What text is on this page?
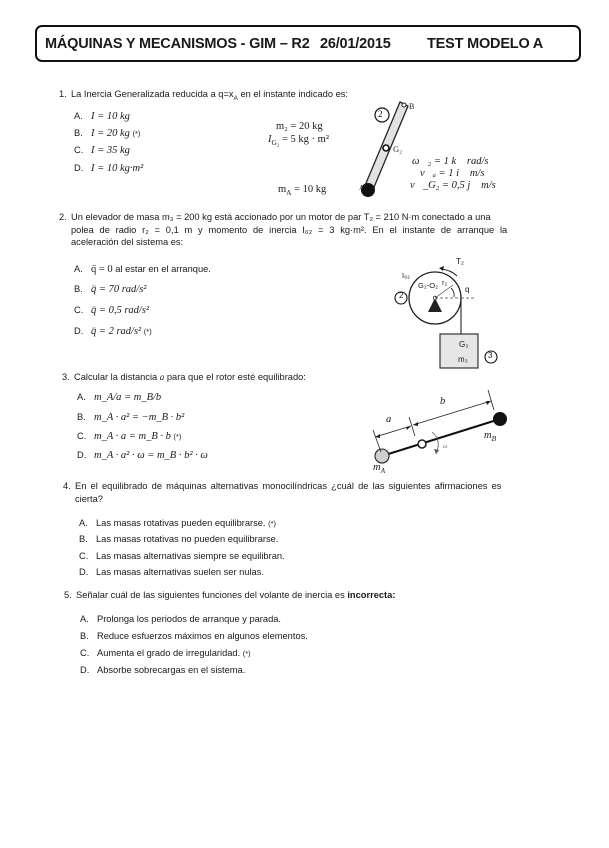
MÁQUINAS Y MECANISMOS - GIM – R2 26/01/2015	TEST MODELO A
1. La Inercia Generalizada reducida a $q=x_A$ en el instante indicado es:
A. I = 10 kg
B. I = 20 kg (*)
C. I = 35 kg
D. I = 10 kg·m²
m₂ = 20 kg
$I_{G_2} = 5$ kg · m²
$m_A = 10$ kg
ω⃗₂ = 1 k⃗ rad/s
v⃗ₐ = 1 i⃗ m/s
v⃗_G₂ = 0,5 j⃗ m/s
2
B
G₂
A
2. Un elevador de masa m₃ = 200 kg está accionado por un motor de par T₂ = 210 N·m conectado a una
polea de radio r₂ = 0,1 m y momento de inercia I₆₂ = 3 kg·m². En el instante de arranque la
aceleración del sistema es:
A. q̈ = 0 al estar en el arranque.
B. q̈ = 70 rad/s²
C. q̈ = 0,5 rad/s²
D. q̈ = 2 rad/s² (*)
I₆₂
T₂
G₂-O₂ r₂
q
2
G₃
m₃	3
3. Calcular la distancia a para que el rotor esté equilibrado:
A. m_A/a = m_B/b
B. m_A · a² = −m_B · b²
C. m_A · a = m_B · b (*)
D. m_A · a² · ω = m_B · b² · ω
a
b
$m_A$
$m_B$
ω
4. En el equilibrado de máquinas alternativas monocilíndricas ¿cuál de las siguientes afirmaciones es
cierta?
A. Las masas rotativas pueden equilibrarse. (*)
B. Las masas rotativas no pueden equilibrarse.
C. Las masas alternativas siempre se equilibran.
D. Las masas alternativas suelen ser nulas.
5. Señalar cuál de las siguientes funciones del volante de inercia es incorrecta:
A. Prolonga los periodos de arranque y parada.
B. Reduce esfuerzos máximos en algunos elementos.
C. Aumenta el grado de irregularidad. (*)
D. Absorbe sobrecargas en el sistema.
